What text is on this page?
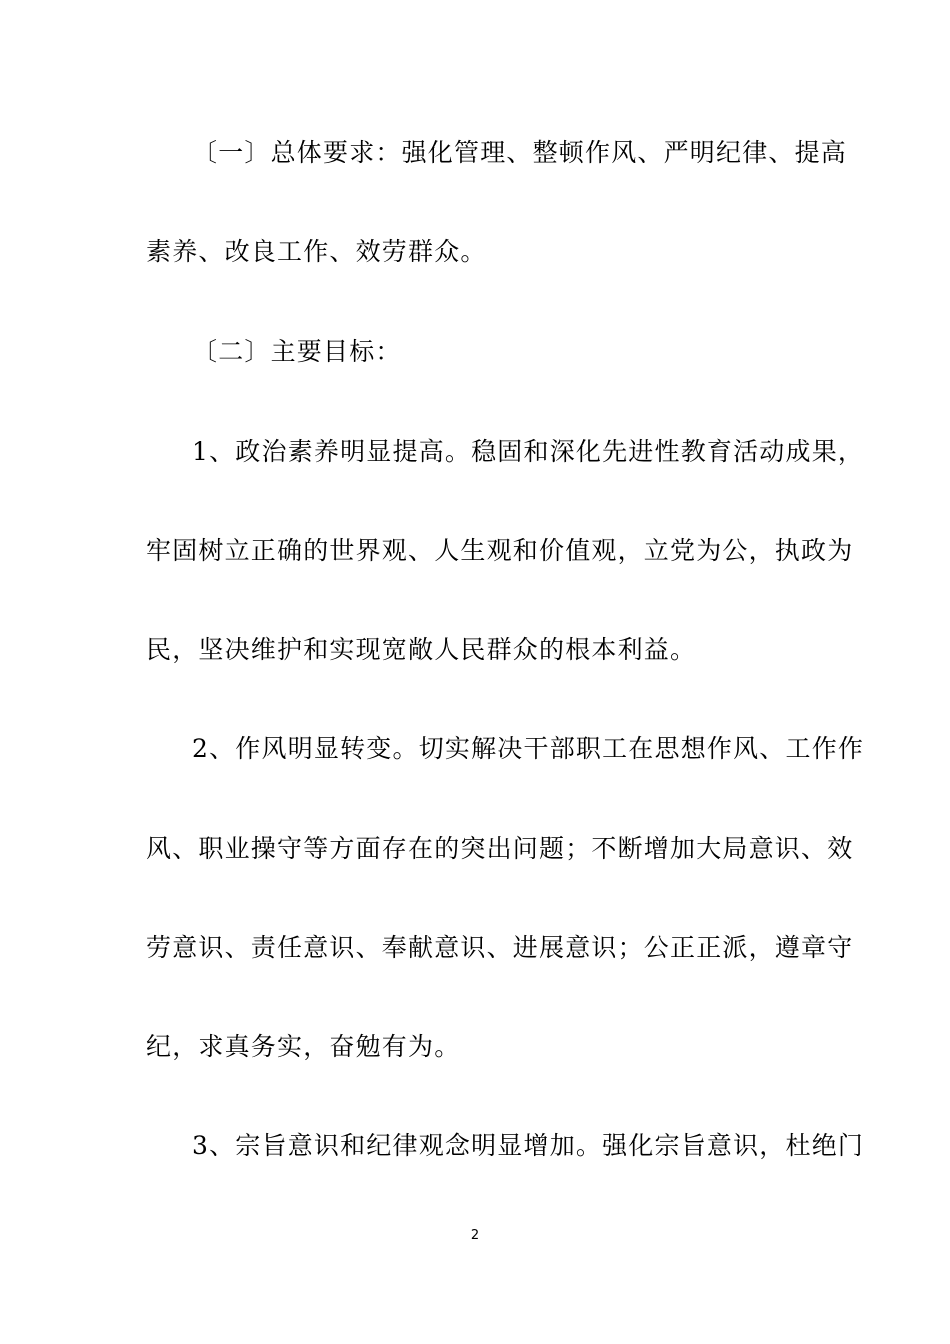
〔一〕总体要求：强化管理、整顿作风、严明纪律、提高
素养、改良工作、效劳群众。
〔二〕主要目标：
1、政治素养明显提高。稳固和深化先进性教育活动成果，
牢固树立正确的世界观、人生观和价值观，立党为公，执政为
民，坚决维护和实现宽敞人民群众的根本利益。
2、作风明显转变。切实解决干部职工在思想作风、工作作
风、职业操守等方面存在的突出问题；不断增加大局意识、效
劳意识、责任意识、奉献意识、进展意识；公正正派，遵章守
纪，求真务实，奋勉有为。
3、宗旨意识和纪律观念明显增加。强化宗旨意识，杜绝门
2
